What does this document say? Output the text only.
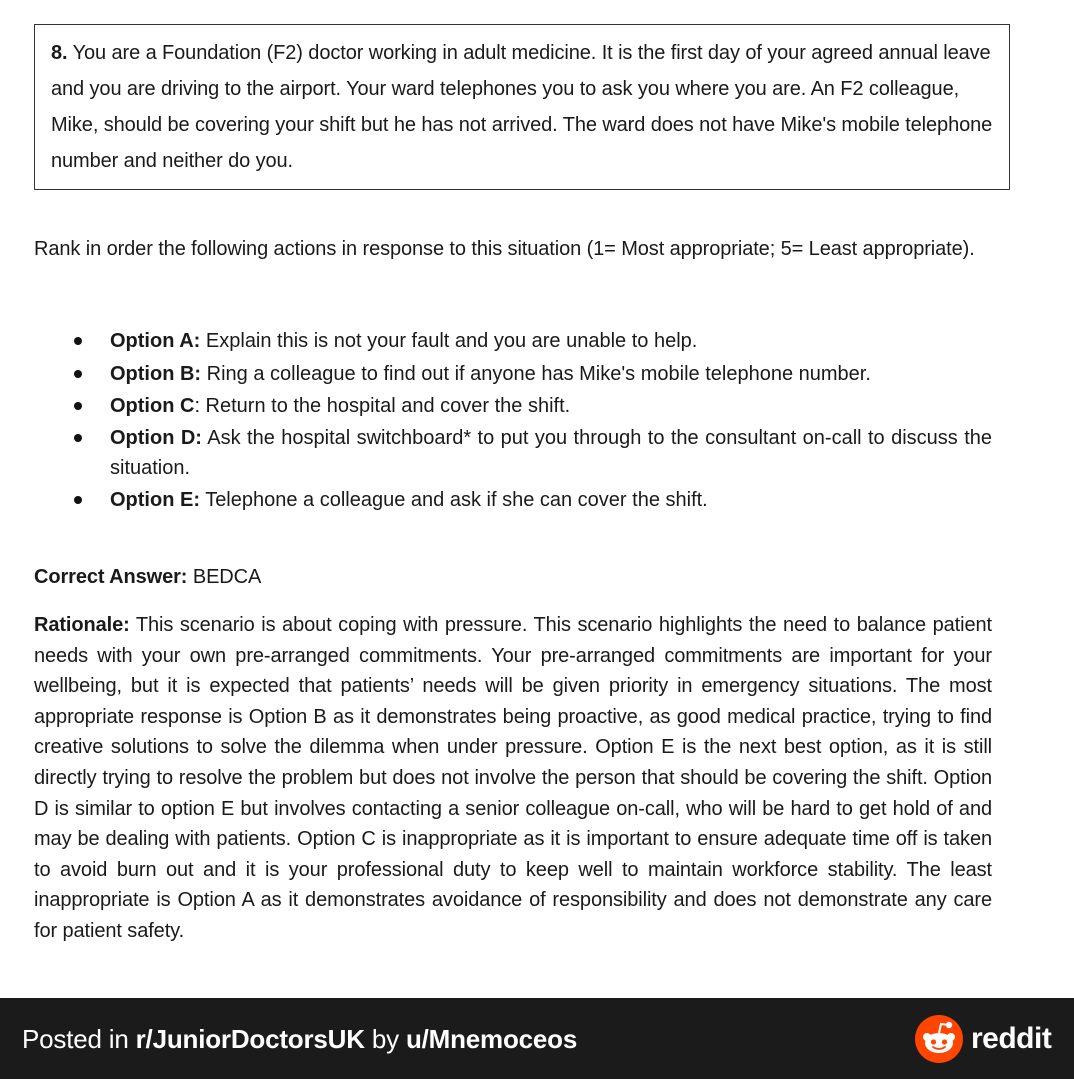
8. You are a Foundation (F2) doctor working in adult medicine. It is the first day of your agreed annual leave and you are driving to the airport. Your ward telephones you to ask you where you are. An F2 colleague, Mike, should be covering your shift but he has not arrived. The ward does not have Mike's mobile telephone number and neither do you.
Rank in order the following actions in response to this situation (1= Most appropriate; 5= Least appropriate).
Option A: Explain this is not your fault and you are unable to help.
Option B: Ring a colleague to find out if anyone has Mike's mobile telephone number.
Option C: Return to the hospital and cover the shift.
Option D: Ask the hospital switchboard* to put you through to the consultant on-call to discuss the situation.
Option E: Telephone a colleague and ask if she can cover the shift.
Correct Answer: BEDCA
Rationale: This scenario is about coping with pressure. This scenario highlights the need to balance patient needs with your own pre-arranged commitments. Your pre-arranged commitments are important for your wellbeing, but it is expected that patients’ needs will be given priority in emergency situations. The most appropriate response is Option B as it demonstrates being proactive, as good medical practice, trying to find creative solutions to solve the dilemma when under pressure. Option E is the next best option, as it is still directly trying to resolve the problem but does not involve the person that should be covering the shift. Option D is similar to option E but involves contacting a senior colleague on-call, who will be hard to get hold of and may be dealing with patients. Option C is inappropriate as it is important to ensure adequate time off is taken to avoid burn out and it is your professional duty to keep well to maintain workforce stability. The least inappropriate is Option A as it demonstrates avoidance of responsibility and does not demonstrate any care for patient safety.
Posted in r/JuniorDoctorsUK by u/Mnemoceos	reddit
